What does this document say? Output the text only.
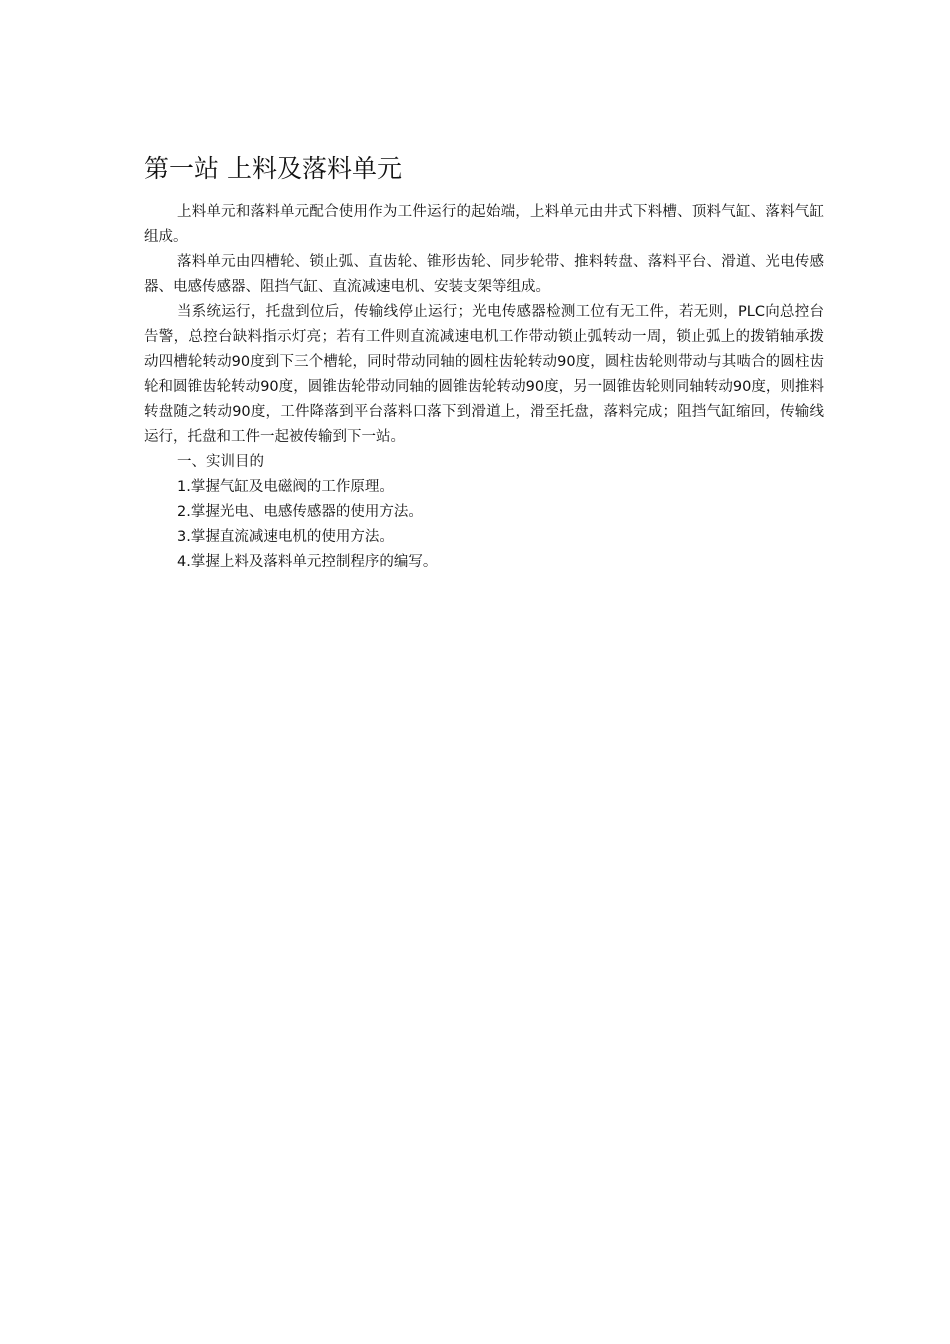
第一站 上料及落料单元

上料单元和落料单元配合使用作为工件运行的起始端，上料单元由井式下料槽、顶料气缸、落料气缸组成。

落料单元由四槽轮、锁止弧、直齿轮、锥形齿轮、同步轮带、推料转盘、落料平台、滑道、光电传感器、电感传感器、阻挡气缸、直流减速电机、安装支架等组成。

当系统运行，托盘到位后，传输线停止运行；光电传感器检测工位有无工件，若无则，PLC向总控台告警，总控台缺料指示灯亮；若有工件则直流减速电机工作带动锁止弧转动一周，锁止弧上的拨销轴承拨动四槽轮转动90度到下三个槽轮，同时带动同轴的圆柱齿轮转动90度，圆柱齿轮则带动与其啮合的圆柱齿轮和圆锥齿轮转动90度，圆锥齿轮带动同轴的圆锥齿轮转动90度，另一圆锥齿轮则同轴转动90度，则推料转盘随之转动90度，工件降落到平台落料口落下到滑道上，滑至托盘，落料完成；阻挡气缸缩回，传输线运行，托盘和工件一起被传输到下一站。

一、实训目的

1.掌握气缸及电磁阀的工作原理。

2.掌握光电、电感传感器的使用方法。

3.掌握直流减速电机的使用方法。

4.掌握上料及落料单元控制程序的编写。
